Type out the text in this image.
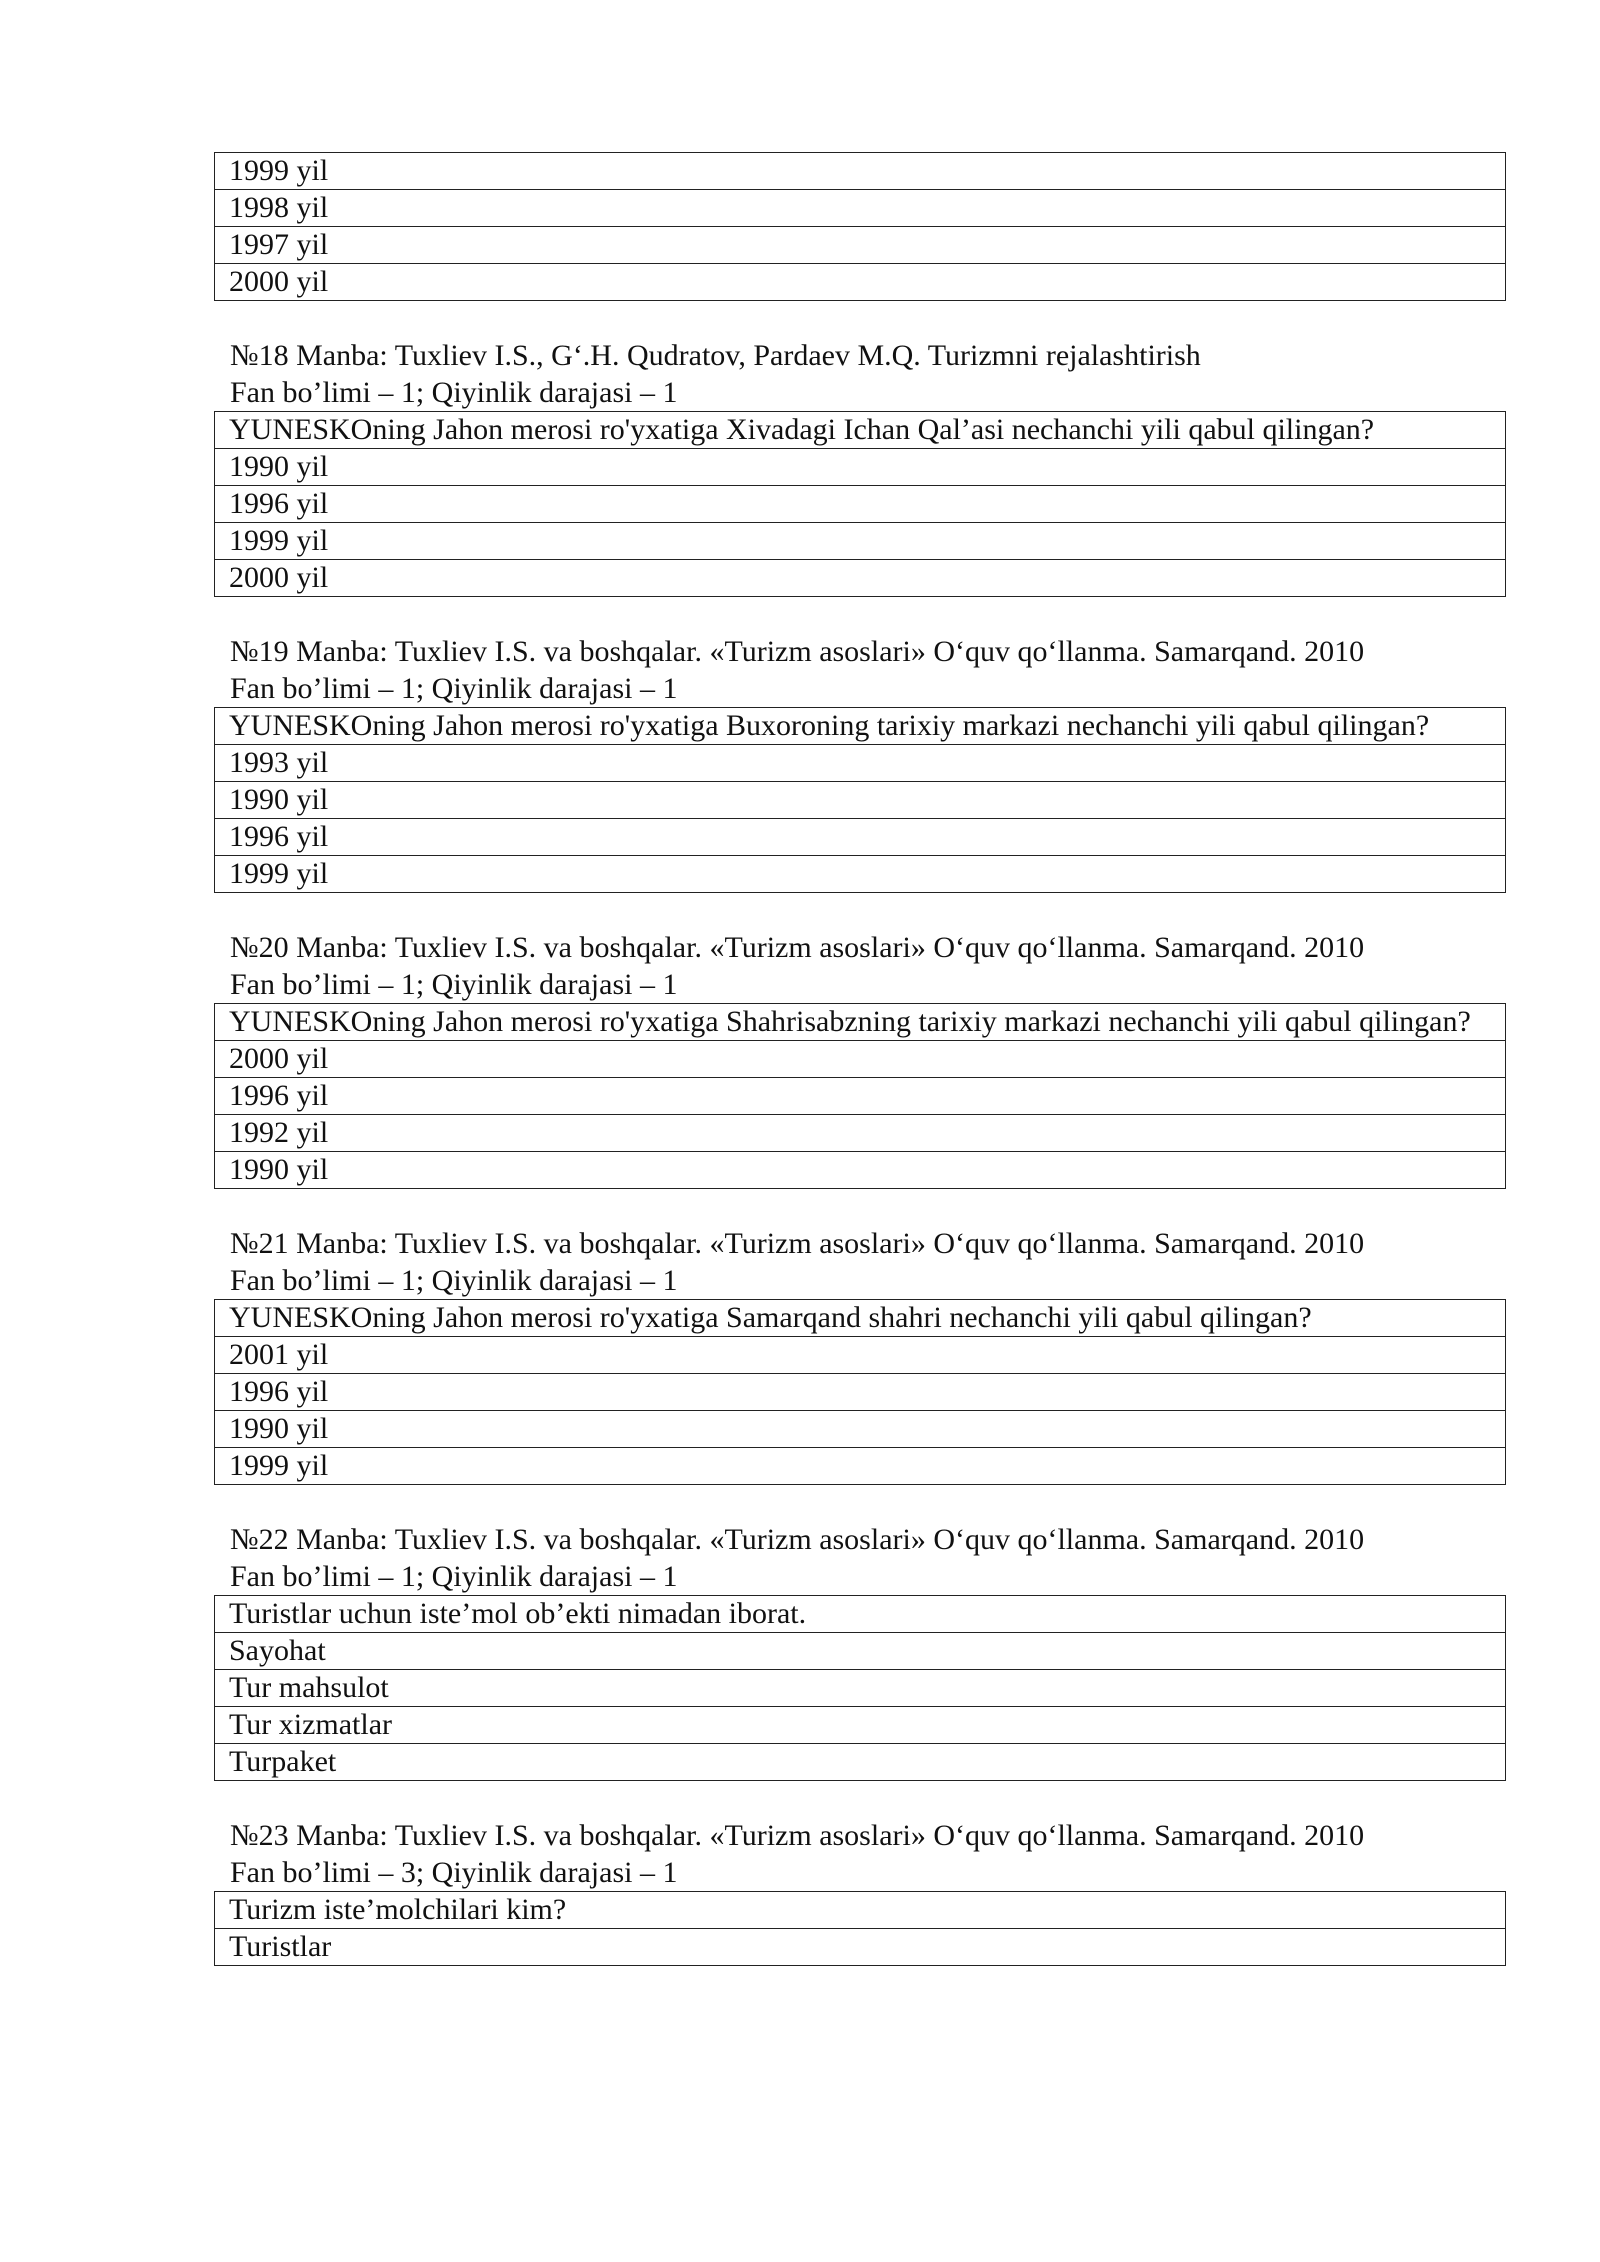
1999 yil
1998 yil
1997 yil
2000 yil
№18 Manba: Tuxliev I.S., G‘.H. Qudratov, Pardaev M.Q. Turizmni rejalashtirish
Fan bo’limi – 1; Qiyinlik darajasi – 1
YUNESKOning Jahon merosi ro'yxatiga Xivadagi Ichan Qal’asi nechanchi yili qabul qilingan?
1990 yil
1996 yil
1999 yil
2000 yil
№19 Manba: Tuxliev I.S. va boshqalar. «Turizm asoslari» O‘quv qo‘llanma. Samarqand. 2010
Fan bo’limi – 1; Qiyinlik darajasi – 1
YUNESKOning Jahon merosi ro'yxatiga Buxoroning tarixiy markazi nechanchi yili qabul qilingan?
1993 yil
1990 yil
1996 yil
1999 yil
№20 Manba: Tuxliev I.S. va boshqalar. «Turizm asoslari» O‘quv qo‘llanma. Samarqand. 2010
Fan bo’limi – 1; Qiyinlik darajasi – 1
YUNESKOning Jahon merosi ro'yxatiga Shahrisabzning tarixiy markazi nechanchi yili qabul qilingan?
2000 yil
1996 yil
1992 yil
1990 yil
№21 Manba: Tuxliev I.S. va boshqalar. «Turizm asoslari» O‘quv qo‘llanma. Samarqand. 2010
Fan bo’limi – 1; Qiyinlik darajasi – 1
YUNESKOning Jahon merosi ro'yxatiga Samarqand shahri nechanchi yili qabul qilingan?
2001 yil
1996 yil
1990 yil
1999 yil
№22 Manba: Tuxliev I.S. va boshqalar. «Turizm asoslari» O‘quv qo‘llanma. Samarqand. 2010
Fan bo’limi – 1; Qiyinlik darajasi – 1
Turistlar uchun iste’mol ob’ekti nimadan iborat.
Sayohat
Tur mahsulot
Tur xizmatlar
Turpaket
№23 Manba: Tuxliev I.S. va boshqalar. «Turizm asoslari» O‘quv qo‘llanma. Samarqand. 2010
Fan bo’limi – 3; Qiyinlik darajasi – 1
Turizm iste’molchilari kim?
Turistlar
